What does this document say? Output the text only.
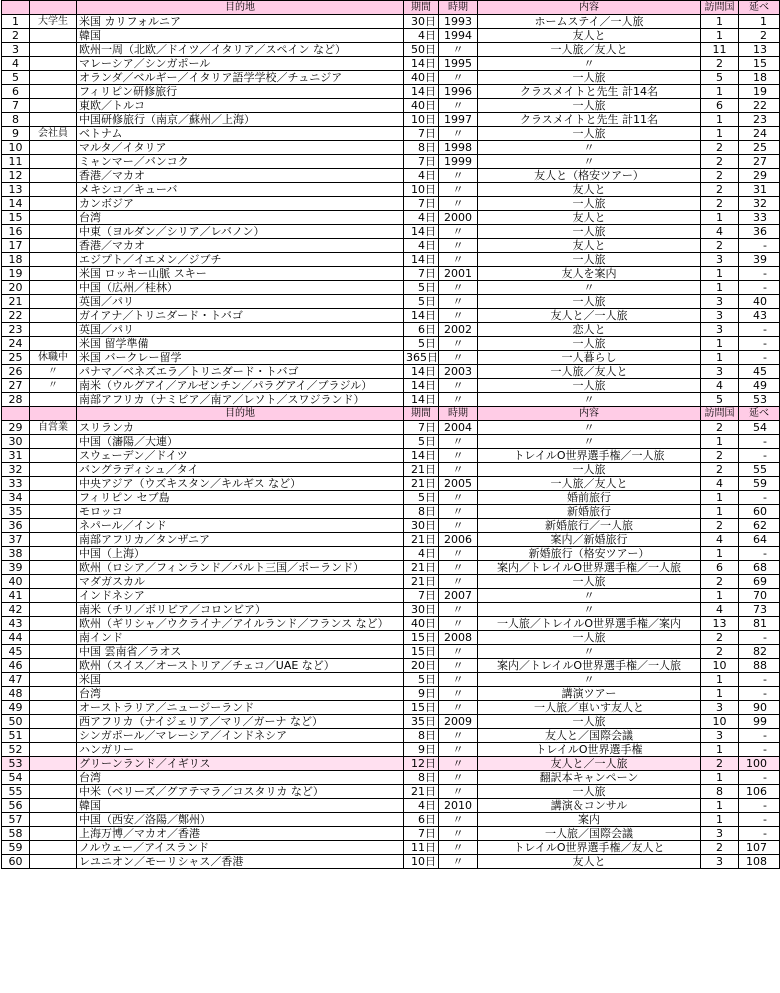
		目的地	期間	時期	内容	訪問国	延べ
1	大学生	米国 カリフォルニア	30日	1993	ホームステイ／一人旅	1	1
2		韓国	4日	1994	友人と	1	2
3		欧州一周（北欧／ドイツ／イタリア／スペイン など）	50日	〃	一人旅／友人と	11	13
4		マレーシア／シンガポール	14日	1995	〃	2	15
5		オランダ／ベルギー／イタリア語学学校／チュニジア	40日	〃	一人旅	5	18
6		フィリピン研修旅行	14日	1996	クラスメイトと先生 計14名	1	19
7		東欧／トルコ	40日	〃	一人旅	6	22
8		中国研修旅行（南京／蘇州／上海）	10日	1997	クラスメイトと先生 計11名	1	23
9	会社員	ベトナム	7日	〃	一人旅	1	24
10		マルタ／イタリア	8日	1998	〃	2	25
11		ミャンマー／バンコク	7日	1999	〃	2	27
12		香港／マカオ	4日	〃	友人と（格安ツアー）	2	29
13		メキシコ／キューバ	10日	〃	友人と	2	31
14		カンボジア	7日	〃	一人旅	2	32
15		台湾	4日	2000	友人と	1	33
16		中東（ヨルダン／シリア／レバノン）	14日	〃	一人旅	4	36
17		香港／マカオ	4日	〃	友人と	2	-
18		エジプト／イエメン／ジブチ	14日	〃	一人旅	3	39
19		米国 ロッキー山脈 スキー	7日	2001	友人を案内	1	-
20		中国（広州／桂林）	5日	〃	〃	1	-
21		英国／パリ	5日	〃	一人旅	3	40
22		ガイアナ／トリニダード・トバゴ	14日	〃	友人と／一人旅	3	43
23		英国／パリ	6日	2002	恋人と	3	-
24		米国 留学準備	5日	〃	一人旅	1	-
25	休職中	米国 バークレー留学	365日	〃	一人暮らし	1	-
26	〃	パナマ／ベネズエラ／トリニダード・トバゴ	14日	2003	一人旅／友人と	3	45
27	〃	南米（ウルグアイ／アルゼンチン／パラグアイ／ブラジル）	14日	〃	一人旅	4	49
28		南部アフリカ（ナミビア／南ア／レソト／スワジランド）	14日	〃	〃	5	53
		目的地	期間	時期	内容	訪問国	延べ
29	自営業	スリランカ	7日	2004	〃	2	54
30		中国（瀋陽／大連）	5日	〃	〃	1	-
31		スウェーデン／ドイツ	14日	〃	トレイルO世界選手権／一人旅	2	-
32		バングラディシュ／タイ	21日	〃	一人旅	2	55
33		中央アジア（ウズキスタン／キルギス など）	21日	2005	一人旅／友人と	4	59
34		フィリピン セブ島	5日	〃	婚前旅行	1	-
35		モロッコ	8日	〃	新婚旅行	1	60
36		ネパール／インド	30日	〃	新婚旅行／一人旅	2	62
37		南部アフリカ／タンザニア	21日	2006	案内／新婚旅行	4	64
38		中国（上海）	4日	〃	新婚旅行（格安ツアー）	1	-
39		欧州（ロシア／フィンランド／バルト三国／ポーランド）	21日	〃	案内／トレイルO世界選手権／一人旅	6	68
40		マダガスカル	21日	〃	一人旅	2	69
41		インドネシア	7日	2007	〃	1	70
42		南米（チリ／ボリビア／コロンビア）	30日	〃	〃	4	73
43		欧州（ギリシャ／ウクライナ／アイルランド／フランス など）	40日	〃	一人旅／トレイルO世界選手権／案内	13	81
44		南インド	15日	2008	一人旅	2	-
45		中国 雲南省／ラオス	15日	〃	〃	2	82
46		欧州（スイス／オーストリア／チェコ／UAE など）	20日	〃	案内／トレイルO世界選手権／一人旅	10	88
47		米国	5日	〃	〃	1	-
48		台湾	9日	〃	講演ツアー	1	-
49		オーストラリア／ニュージーランド	15日	〃	一人旅／車いす友人と	3	90
50		西アフリカ（ナイジェリア／マリ／ガーナ など）	35日	2009	一人旅	10	99
51		シンガポール／マレーシア／インドネシア	8日	〃	友人と／国際会議	3	-
52		ハンガリー	9日	〃	トレイルO世界選手権	1	-
53		グリーンランド／イギリス	12日	〃	友人と／一人旅	2	100
54		台湾	8日	〃	翻訳本キャンペーン	1	-
55		中米（ベリーズ／グアテマラ／コスタリカ など）	21日	〃	一人旅	8	106
56		韓国	4日	2010	講演＆コンサル	1	-
57		中国（西安／洛陽／鄭州）	6日	〃	案内	1	-
58		上海万博／マカオ／香港	7日	〃	一人旅／国際会議	3	-
59		ノルウェー／アイスランド	11日	〃	トレイルO世界選手権／友人と	2	107
60		レユニオン／モーリシャス／香港	10日	〃	友人と	3	108
